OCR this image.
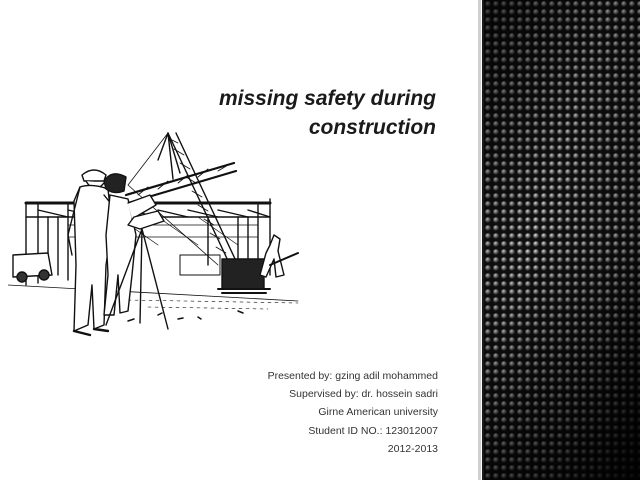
missing safety during
construction
Presented by: gzing adil mohammed
Supervised by: dr. hossein sadri
Girne American university
Student ID NO.: 123012007
2012-2013
